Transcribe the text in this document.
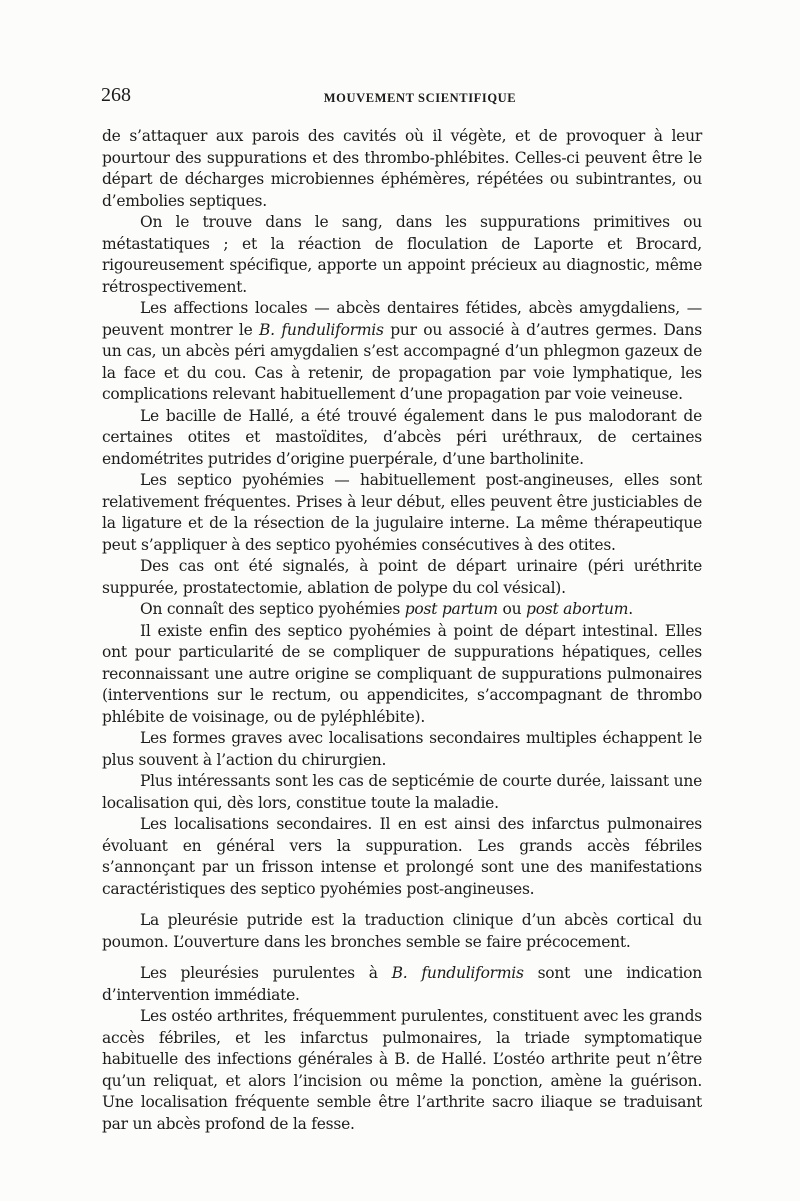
268	MOUVEMENT SCIENTIFIQUE

de s’attaquer aux parois des cavités où il végète, et de provoquer à leur pourtour des suppurations et des thrombo-phlébites. Celles-ci peuvent être le départ de décharges microbiennes éphémères, répétées ou subintrantes, ou d’embolies septiques.

On le trouve dans le sang, dans les suppurations primitives ou métastatiques ; et la réaction de floculation de Laporte et Brocard, rigoureusement spécifique, apporte un appoint précieux au diagnostic, même rétrospectivement.

Les affections locales — abcès dentaires fétides, abcès amygdaliens, — peuvent montrer le B. funduliformis pur ou associé à d’autres germes. Dans un cas, un abcès péri amygdalien s’est accompagné d’un phlegmon gazeux de la face et du cou. Cas à retenir, de propagation par voie lymphatique, les complications relevant habituellement d’une propagation par voie veineuse.

Le bacille de Hallé, a été trouvé également dans le pus malodorant de certaines otites et mastoïdites, d’abcès péri uréthraux, de certaines endométrites putrides d’origine puerpérale, d’une bartholinite.

Les septico pyohémies — habituellement post-angineuses, elles sont relativement fréquentes. Prises à leur début, elles peuvent être justiciables de la ligature et de la résection de la jugulaire interne. La même thérapeutique peut s’appliquer à des septico pyohémies consécutives à des otites.

Des cas ont été signalés, à point de départ urinaire (péri uréthrite suppurée, prostatectomie, ablation de polype du col vésical).

On connaît des septico pyohémies post partum ou post abortum.

Il existe enfin des septico pyohémies à point de départ intestinal. Elles ont pour particularité de se compliquer de suppurations hépatiques, celles reconnaissant une autre origine se compliquant de suppurations pulmonaires (interventions sur le rectum, ou appendicites, s’accompagnant de thrombo phlébite de voisinage, ou de pyléphlébite).

Les formes graves avec localisations secondaires multiples échappent le plus souvent à l’action du chirurgien.

Plus intéressants sont les cas de septicémie de courte durée, laissant une localisation qui, dès lors, constitue toute la maladie.

Les localisations secondaires. Il en est ainsi des infarctus pulmonaires évoluant en général vers la suppuration. Les grands accès fébriles s’annonçant par un frisson intense et prolongé sont une des manifestations caractéristiques des septico pyohémies post-angineuses.

La pleurésie putride est la traduction clinique d’un abcès cortical du poumon. L’ouverture dans les bronches semble se faire précocement.

Les pleurésies purulentes à B. funduliformis sont une indication d’intervention immédiate.

Les ostéo arthrites, fréquemment purulentes, constituent avec les grands accès fébriles, et les infarctus pulmonaires, la triade symptomatique habituelle des infections générales à B. de Hallé. L’ostéo arthrite peut n’être qu’un reliquat, et alors l’incision ou même la ponction, amène la guérison. Une localisation fréquente semble être l’arthrite sacro iliaque se traduisant par un abcès profond de la fesse.
